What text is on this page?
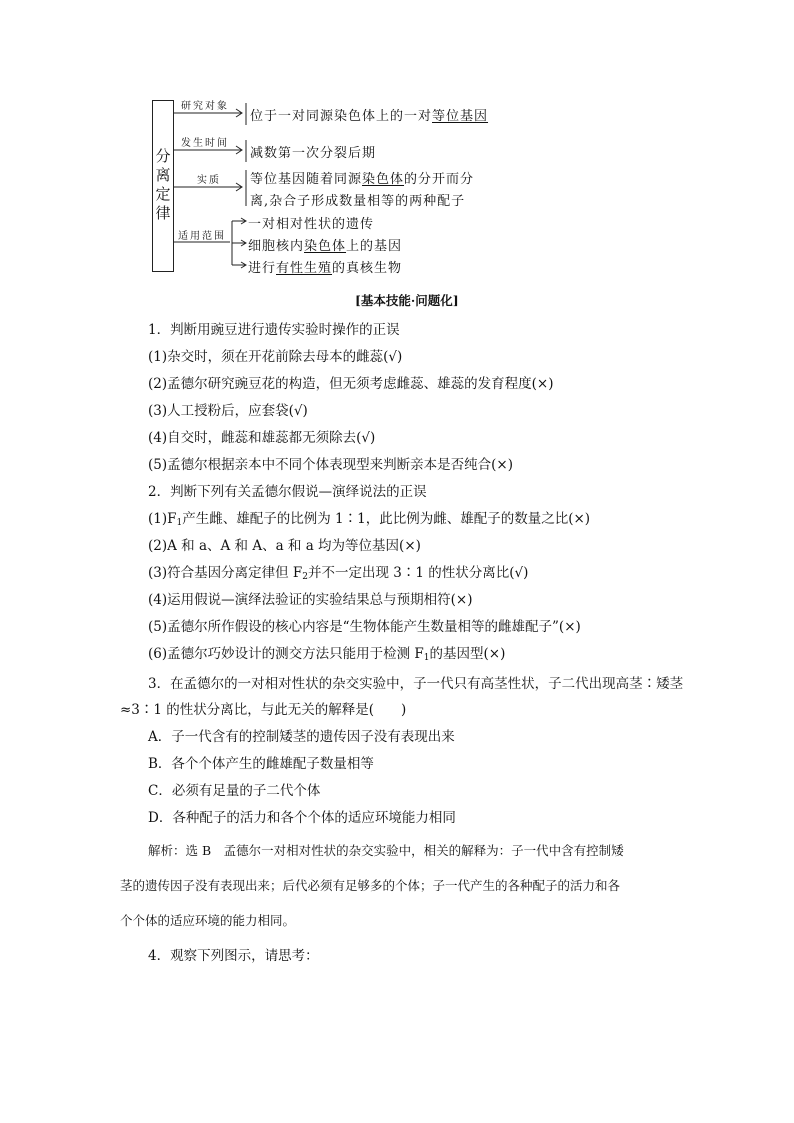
分离定律
研究对象
发生时间
实质
适用范围
位于一对同源染色体上的一对等位基因
减数第一次分裂后期
等位基因随着同源染色体的分开而分
离,杂合子形成数量相等的两种配子
一对相对性状的遗传
细胞核内染色体上的基因
进行有性生殖的真核生物
[基本技能·问题化]
1．判断用豌豆进行遗传实验时操作的正误
(1)杂交时，须在开花前除去母本的雌蕊(√)
(2)孟德尔研究豌豆花的构造，但无须考虑雌蕊、雄蕊的发育程度(×)
(3)人工授粉后，应套袋(√)
(4)自交时，雌蕊和雄蕊都无须除去(√)
(5)孟德尔根据亲本中不同个体表现型来判断亲本是否纯合(×)
2．判断下列有关孟德尔假说—演绎说法的正误
$(1)F_1$产生雌、雄配子的比例为 1∶1，此比例为雌、雄配子的数量之比(×)
(2)A 和 a、A 和 A、a 和 a 均为等位基因(×)
(3)符合基因分离定律但 $F_2$并不一定出现 3∶1 的性状分离比(√)
(4)运用假说—演绎法验证的实验结果总与预期相符(×)
(5)孟德尔所作假设的核心内容是“生物体能产生数量相等的雌雄配子”(×)
(6)孟德尔巧妙设计的测交方法只能用于检测 $F_1$的基因型(×)
3．在孟德尔的一对相对性状的杂交实验中，子一代只有高茎性状，子二代出现高茎∶矮茎
≈3∶1 的性状分离比，与此无关的解释是(　　)
A．子一代含有的控制矮茎的遗传因子没有表现出来
B．各个个体产生的雌雄配子数量相等
C．必须有足量的子二代个体
D．各种配子的活力和各个个体的适应环境能力相同
解析：选 B　孟德尔一对相对性状的杂交实验中，相关的解释为：子一代中含有控制矮
茎的遗传因子没有表现出来；后代必须有足够多的个体；子一代产生的各种配子的活力和各
个个体的适应环境的能力相同。
4．观察下列图示，请思考：
